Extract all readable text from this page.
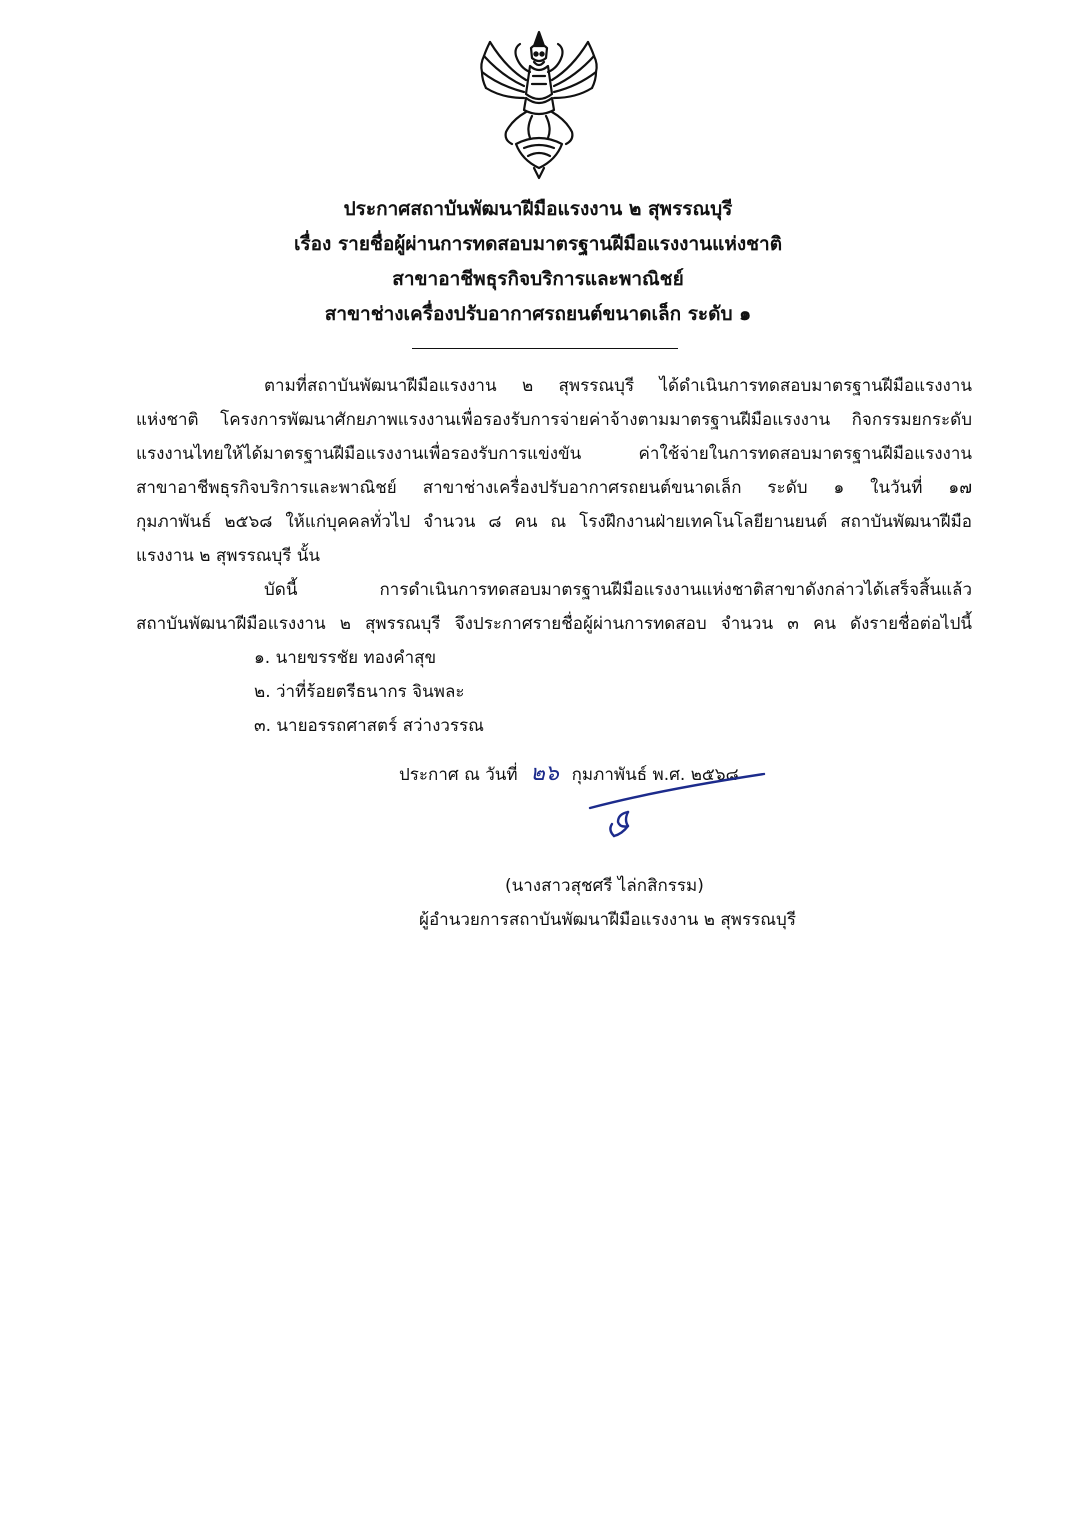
ประกาศสถาบันพัฒนาฝีมือแรงงาน ๒ สุพรรณบุรี
เรื่อง รายชื่อผู้ผ่านการทดสอบมาตรฐานฝีมือแรงงานแห่งชาติ
สาขาอาชีพธุรกิจบริการและพาณิชย์
สาขาช่างเครื่องปรับอากาศรถยนต์ขนาดเล็ก ระดับ ๑
ตามที่สถาบันพัฒนาฝีมือแรงงาน ๒ สุพรรณบุรี ได้ดำเนินการทดสอบมาตรฐานฝีมือแรงงาน
แห่งชาติ โครงการพัฒนาศักยภาพแรงงานเพื่อรองรับการจ่ายค่าจ้างตามมาตรฐานฝีมือแรงงาน กิจกรรมยกระดับ
แรงงานไทยให้ได้มาตรฐานฝีมือแรงงานเพื่อรองรับการแข่งขัน ค่าใช้จ่ายในการทดสอบมาตรฐานฝีมือแรงงาน
สาขาอาชีพธุรกิจบริการและพาณิชย์ สาขาช่างเครื่องปรับอากาศรถยนต์ขนาดเล็ก ระดับ ๑ ในวันที่ ๑๗
กุมภาพันธ์ ๒๕๖๘ ให้แก่บุคคลทั่วไป จำนวน ๘ คน ณ โรงฝึกงานฝ่ายเทคโนโลยียานยนต์ สถาบันพัฒนาฝีมือ
แรงงาน ๒ สุพรรณบุรี นั้น
บัดนี้ การดำเนินการทดสอบมาตรฐานฝีมือแรงงานแห่งชาติสาขาดังกล่าวได้เสร็จสิ้นแล้ว
สถาบันพัฒนาฝีมือแรงงาน ๒ สุพรรณบุรี จึงประกาศรายชื่อผู้ผ่านการทดสอบ จำนวน ๓ คน ดังรายชื่อต่อไปนี้
๑. นายขรรชัย ทองคำสุข
๒. ว่าที่ร้อยตรีธนากร จินพละ
๓. นายอรรถศาสตร์ สว่างวรรณ
ประกาศ ณ วันที่ ๒๖ กุมภาพันธ์ พ.ศ. ๒๕๖๘
(นางสาวสุชศรี ไล่กสิกรรม)
ผู้อำนวยการสถาบันพัฒนาฝีมือแรงงาน ๒ สุพรรณบุรี
